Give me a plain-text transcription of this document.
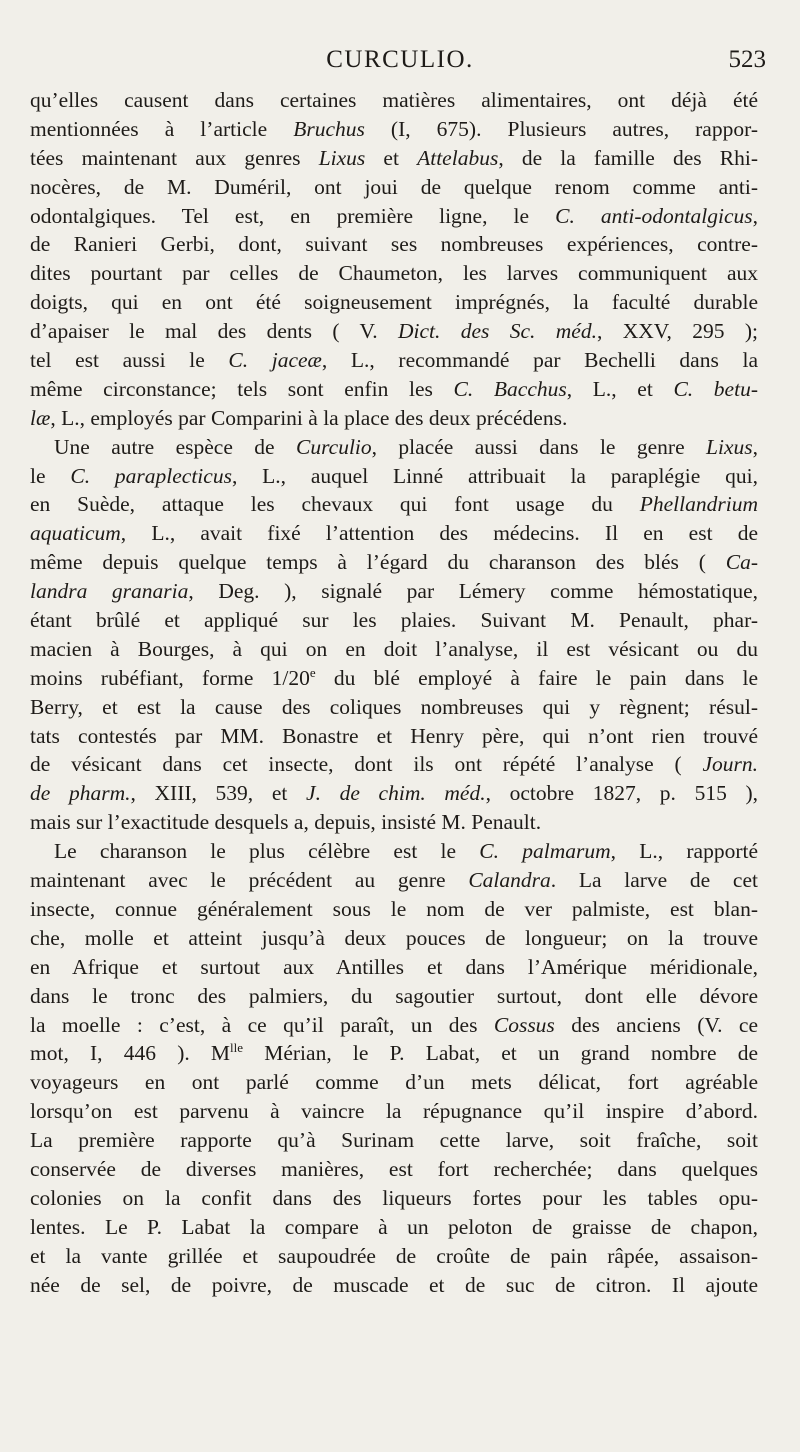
CURCULIO.	523
qu’elles causent dans certaines matières alimentaires, ont déjà été
mentionnées à l’article Bruchus (I, 675). Plusieurs autres, rappor-
tées maintenant aux genres Lixus et Attelabus, de la famille des Rhi-
nocères, de M. Duméril, ont joui de quelque renom comme anti-
odontalgiques. Tel est, en première ligne, le C. anti-odontalgicus,
de Ranieri Gerbi, dont, suivant ses nombreuses expériences, contre-
dites pourtant par celles de Chaumeton, les larves communiquent aux
doigts, qui en ont été soigneusement imprégnés, la faculté durable
d’apaiser le mal des dents ( V. Dict. des Sc. méd., XXV, 295 );
tel est aussi le C. jaceæ, L., recommandé par Bechelli dans la
même circonstance; tels sont enfin les C. Bacchus, L., et C. betu-
læ, L., employés par Comparini à la place des deux précédens.
Une autre espèce de Curculio, placée aussi dans le genre Lixus,
le C. paraplecticus, L., auquel Linné attribuait la paraplégie qui,
en Suède, attaque les chevaux qui font usage du Phellandrium
aquaticum, L., avait fixé l’attention des médecins. Il en est de
même depuis quelque temps à l’égard du charanson des blés ( Ca-
landra granaria, Deg. ), signalé par Lémery comme hémostatique,
étant brûlé et appliqué sur les plaies. Suivant M. Penault, phar-
macien à Bourges, à qui on en doit l’analyse, il est vésicant ou du
moins rubéfiant, forme 1/20e du blé employé à faire le pain dans le
Berry, et est la cause des coliques nombreuses qui y règnent; résul-
tats contestés par MM. Bonastre et Henry père, qui n’ont rien trouvé
de vésicant dans cet insecte, dont ils ont répété l’analyse ( Journ.
de pharm., XIII, 539, et J. de chim. méd., octobre 1827, p. 515 ),
mais sur l’exactitude desquels a, depuis, insisté M. Penault.
Le charanson le plus célèbre est le C. palmarum, L., rapporté
maintenant avec le précédent au genre Calandra. La larve de cet
insecte, connue généralement sous le nom de ver palmiste, est blan-
che, molle et atteint jusqu’à deux pouces de longueur; on la trouve
en Afrique et surtout aux Antilles et dans l’Amérique méridionale,
dans le tronc des palmiers, du sagoutier surtout, dont elle dévore
la moelle : c’est, à ce qu’il paraît, un des Cossus des anciens (V. ce
mot, I, 446 ). $M^{lle}$ Mérian, le P. Labat, et un grand nombre de
voyageurs en ont parlé comme d’un mets délicat, fort agréable
lorsqu’on est parvenu à vaincre la répugnance qu’il inspire d’abord.
La première rapporte qu’à Surinam cette larve, soit fraîche, soit
conservée de diverses manières, est fort recherchée; dans quelques
colonies on la confit dans des liqueurs fortes pour les tables opu-
lentes. Le P. Labat la compare à un peloton de graisse de chapon,
et la vante grillée et saupoudrée de croûte de pain râpée, assaison-
née de sel, de poivre, de muscade et de suc de citron. Il ajoute
